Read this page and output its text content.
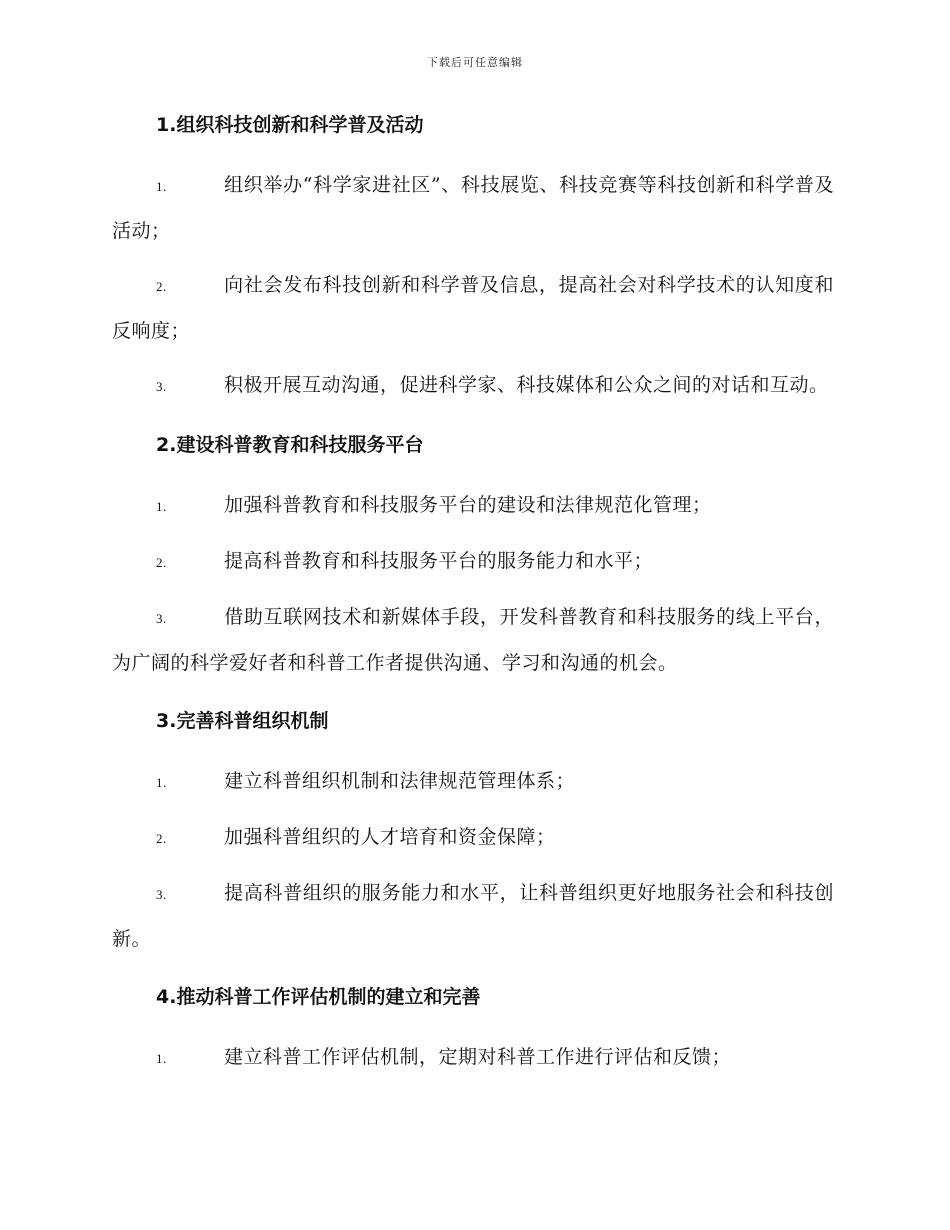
下载后可任意编辑

1.组织科技创新和科学普及活动

1.	组织举办“科学家进社区”、科技展览、科技竞赛等科技创新和科学普及活动；

2.	向社会发布科技创新和科学普及信息，提高社会对科学技术的认知度和反响度；

3.	积极开展互动沟通，促进科学家、科技媒体和公众之间的对话和互动。

2.建设科普教育和科技服务平台

1.	加强科普教育和科技服务平台的建设和法律规范化管理；

2.	提高科普教育和科技服务平台的服务能力和水平；

3.	借助互联网技术和新媒体手段，开发科普教育和科技服务的线上平台，为广阔的科学爱好者和科普工作者提供沟通、学习和沟通的机会。

3.完善科普组织机制

1.	建立科普组织机制和法律规范管理体系；

2.	加强科普组织的人才培育和资金保障；

3.	提高科普组织的服务能力和水平，让科普组织更好地服务社会和科技创新。

4.推动科普工作评估机制的建立和完善

1.	建立科普工作评估机制，定期对科普工作进行评估和反馈；
